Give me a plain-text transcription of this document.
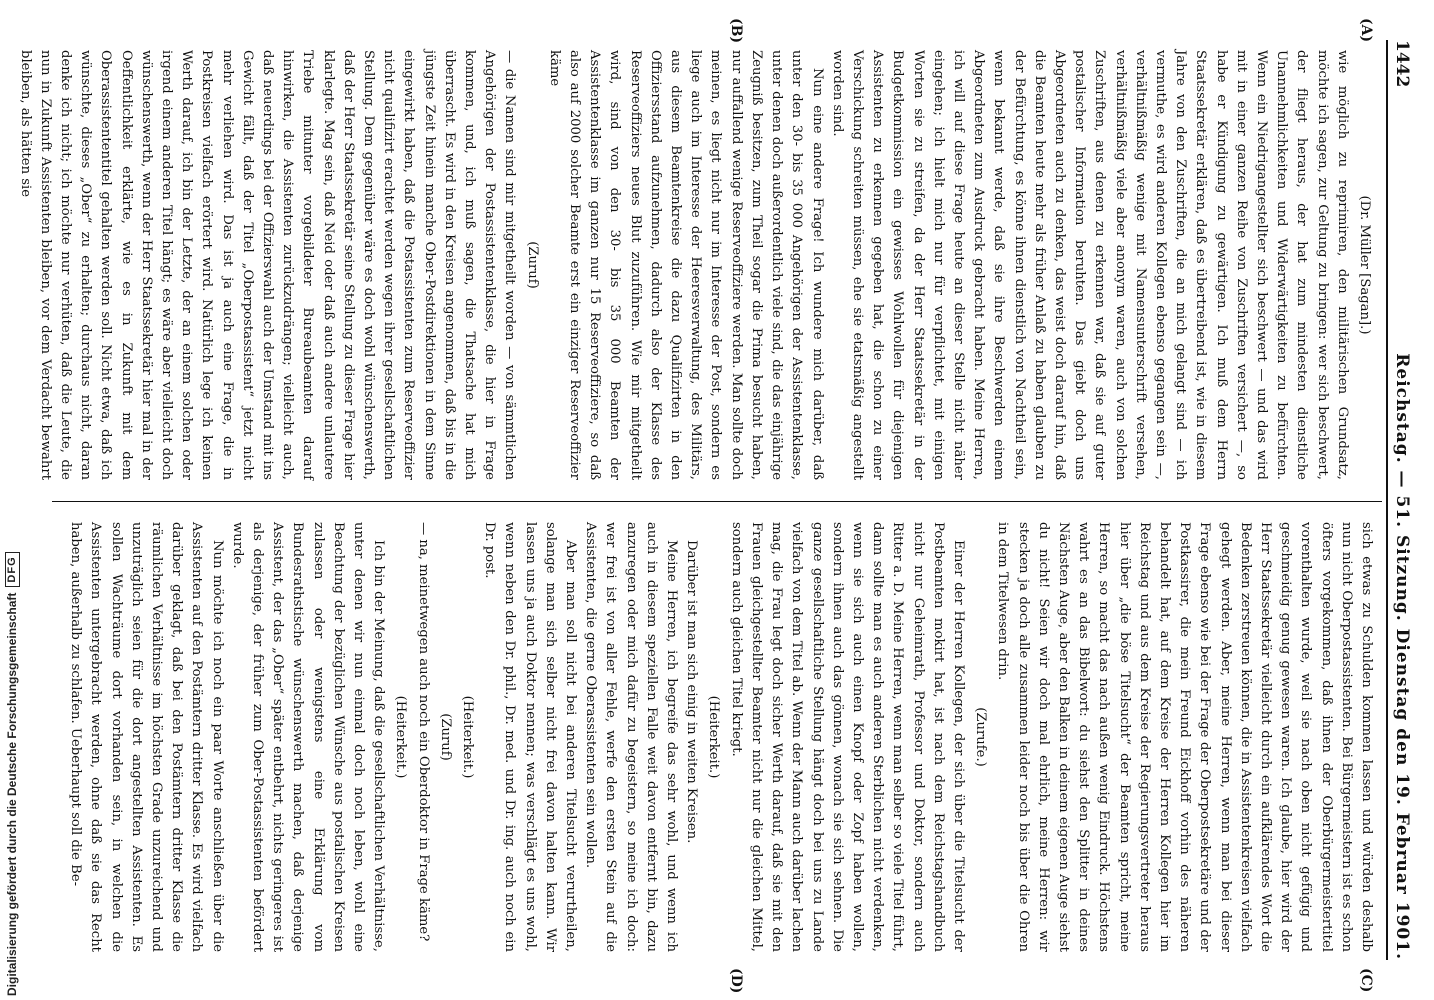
1442
Reichstag. — 51. Sitzung. Dienstag den 19. Februar 1901.
(A)
(B)
(C)
(D)

(Dr. Müller [Sagan].)

wie möglich zu reprimiren, den militärischen Grundsatz, möchte ich sagen, zur Geltung zu bringen: wer sich beschwert, der fliegt heraus, der hat zum mindesten dienstliche Unannehmlichkeiten und Widerwärtigkeiten zu befürchten. Wenn ein Niedrigangestellter sich beschwert — und das wird mit in einer ganzen Reihe von Zuschriften versichert —, so habe er Kündigung zu gewärtigen. Ich muß dem Herrn Staatssekretär erklären, daß es übertreibend ist, wie in diesem Jahre von den Zuschriften, die an mich gelangt sind — ich vermuthe, es wird anderen Kollegen ebenso gegangen sein —, verhältnißmäßig wenige mit Namensunterschrift versehen, verhältnißmäßig viele aber anonym waren, auch von solchen Zuschriften, aus denen zu erkennen war, daß sie auf guter postalischer Information beruhten. Das giebt doch uns Abgeordneten auch zu denken, das weist doch darauf hin, daß die Beamten heute mehr als früher Anlaß zu haben glauben zu der Befürchtung, es könne ihnen dienstlich von Nachtheil sein, wenn bekannt werde, daß sie ihre Beschwerden einem Abgeordneten zum Ausdruck gebracht haben. Meine Herren, ich will auf diese Frage heute an dieser Stelle nicht näher eingehen; ich hielt mich nur für verpflichtet, mit einigen Worten sie zu streifen, da der Herr Staatssekretär in der Budgetkommission ein gewisses Wohlwollen für diejenigen Assistenten zu erkennen gegeben hat, die schon zu einer Verschickung schreiten müssen, ehe sie etatsmäßig angestellt worden sind.

Nun eine andere Frage! Ich wundere mich darüber, daß unter den 30- bis 35 000 Angehörigen der Assistentenklasse, unter denen doch außerordentlich viele sind, die das einjährige Zeugniß besitzen, zum Theil sogar die Prima besucht haben, nur auffallend wenige Reserveoffiziere werden. Man sollte doch meinen, es liegt nicht nur im Interesse der Post, sondern es liege auch im Interesse der Heeresverwaltung, des Militärs, aus diesem Beamtenkreise die dazu Qualifizirten in den Offiziersstand aufzunehmen, dadurch also der Klasse des Reserveoffiziers neues Blut zuzuführen. Wie mir mitgetheilt wird, sind von den 30- bis 35 000 Beamten der Assistentenklasse im ganzen nur 15 Reserveoffiziere, so daß also auf 2000 solcher Beamte erst ein einziger Reserveoffizier käme

(Zuruf)

— die Namen sind mir mitgetheilt worden — von sämmtlichen Angehörigen der Postassistentenklasse, die hier in Frage kommen, und, ich muß sagen, die Thatsache hat mich überrascht. Es wird in den Kreisen angenommen, daß bis in die jüngste Zeit hinein manche Ober-Postdirektionen in dem Sinne eingewirkt haben, daß die Postassistenten zum Reserveoffizier nicht qualifizirt erachtet werden wegen ihrer gesellschaftlichen Stellung. Dem gegenüber wäre es doch wohl wünschenswerth, daß der Herr Staatssekretär seine Stellung zu dieser Frage hier klarlegte. Mag sein, daß Neid oder daß auch andere unlautere Triebe mitunter vorgebildeter Bureaubeamten darauf hinwirken, die Assistenten zurückzudrängen; vielleicht auch, daß neuerdings bei der Offizierswahl auch der Umstand mit ins Gewicht fällt, daß der Titel „Oberpostassistent“ jetzt nicht mehr verliehen wird. Das ist ja auch eine Frage, die in Postkreisen vielfach erörtert wird. Natürlich lege ich keinen Werth darauf, ich bin der Letzte, der an einem solchen oder irgend einem anderen Titel hängt; es wäre aber vielleicht doch wünschenswerth, wenn der Herr Staatssekretär hier mal in der Oeffentlichkeit erklärte, wie es in Zukunft mit dem Oberassistententitel gehalten werden soll. Nicht etwa, daß ich wünschte, dieses „Ober“ zu erhalten; durchaus nicht, daran denke ich nicht; ich möchte nur verhüten, daß die Leute, die nun in Zukunft Assistenten bleiben, vor dem Verdacht bewahrt bleiben, als hätten sie

sich etwas zu Schulden kommen lassen und würden deshalb nun nicht Oberpostassistenten. Bei Bürgermeistern ist es schon öfters vorgekommen, daß ihnen der Oberbürgermeistertitel vorenthalten wurde, weil sie nach oben nicht gefügig und geschmeidig genug gewesen waren. Ich glaube, hier wird der Herr Staatssekretär vielleicht durch ein aufklärendes Wort die Bedenken zerstreuen können, die in Assistentenkreisen vielfach gehegt werden. Aber, meine Herren, wenn man bei dieser Frage ebenso wie bei der Frage der Oberpostsekretäre und der Postkassirer, die mein Freund Eickhoff vorhin des näheren behandelt hat, auf dem Kreise der Herren Kollegen hier im Reichstag und aus dem Kreise der Regierungsvertreter heraus hier über „die böse Titelsucht“ der Beamten spricht, meine Herren, so macht das nach außen wenig Eindruck. Höchstens wahrt es an das Bibelwort: du siehst den Splitter in deines Nächsten Auge, aber den Balken in deinem eigenen Auge siehst du nicht! Seien wir doch mal ehrlich, meine Herren: wir stecken ja doch alle zusammen leider noch bis über die Ohren in dem Titelwesen drin.

(Zurufe.)

Einer der Herren Kollegen, der sich über die Titelsucht der Postbeamten mokirt hat, ist nach dem Reichstagshandbuch nicht nur Geheimrath, Professor und Doktor, sondern auch Ritter a. D. Meine Herren, wenn man selber so viele Titel führt, dann sollte man es auch anderen Sterblichen nicht verdenken, wenn sie sich auch einen Knopf oder Zopf haben wollen, sondern ihnen auch das gönnen, wonach sie sich sehnen. Die ganze gesellschaftliche Stellung hängt doch bei uns zu Lande vielfach von dem Titel ab. Wenn der Mann auch darüber lachen mag, die Frau legt doch sicher Werth darauf, daß sie mit den Frauen gleichgestellter Beamter nicht nur die gleichen Mittel, sondern auch gleichen Titel kriegt.

(Heiterkeit.)

Darüber ist man sich einig in weiten Kreisen.

Meine Herren, ich begreife das sehr wohl, und wenn ich auch in diesem speziellen Falle weit davon entfernt bin, dazu anzuregen oder mich dafür zu begeistern, so meine ich doch: wer frei ist von aller Fehle, werfe den ersten Stein auf die Assistenten, die gerne Oberassistenten sein wollen.

Aber man soll nicht bei anderen Titelsucht verurtheilen, solange man sich selber nicht frei davon halten kann. Wir lassen uns ja auch Doktor nennen; was verschlägt es uns wohl, wenn neben den Dr. phil., Dr. med. und Dr. ing. auch noch ein Dr. post.

(Heiterkeit.)

(Zuruf)

— na, meinetwegen auch noch ein Oberdoktor in Frage käme?

(Heiterkeit.)

Ich bin der Meinung, daß die gesellschaftlichen Verhältnisse, unter denen wir nun einmal doch noch leben, wohl eine Beachtung der bezüglichen Wünsche aus postalischen Kreisen zulassen oder wenigstens eine Erklärung vom Bundesrathstische wünschenswerth machen, daß derjenige Assistent, der das „Ober“ später entbehrt, nichts geringeres ist als derjenige, der früher zum Ober-Postassistenten befördert wurde.

Nun möchte ich noch ein paar Worte anschließen über die Assistenten auf den Postämtern dritter Klasse. Es wird vielfach darüber geklagt, daß bei den Postämtern dritter Klasse die räumlichen Verhältnisse im höchsten Grade unzureichend und unzuträglich seien für die dort angestellten Assistenten. Es sollen Wachträume dort vorhanden sein, in welchen die Assistenten untergebracht werden, ohne daß sie das Recht haben, außerhalb zu schlafen. Ueberhaupt soll die Be-

Digitalisierung gefördert durch die Deutsche Forschungsgemeinschaft
DFG
